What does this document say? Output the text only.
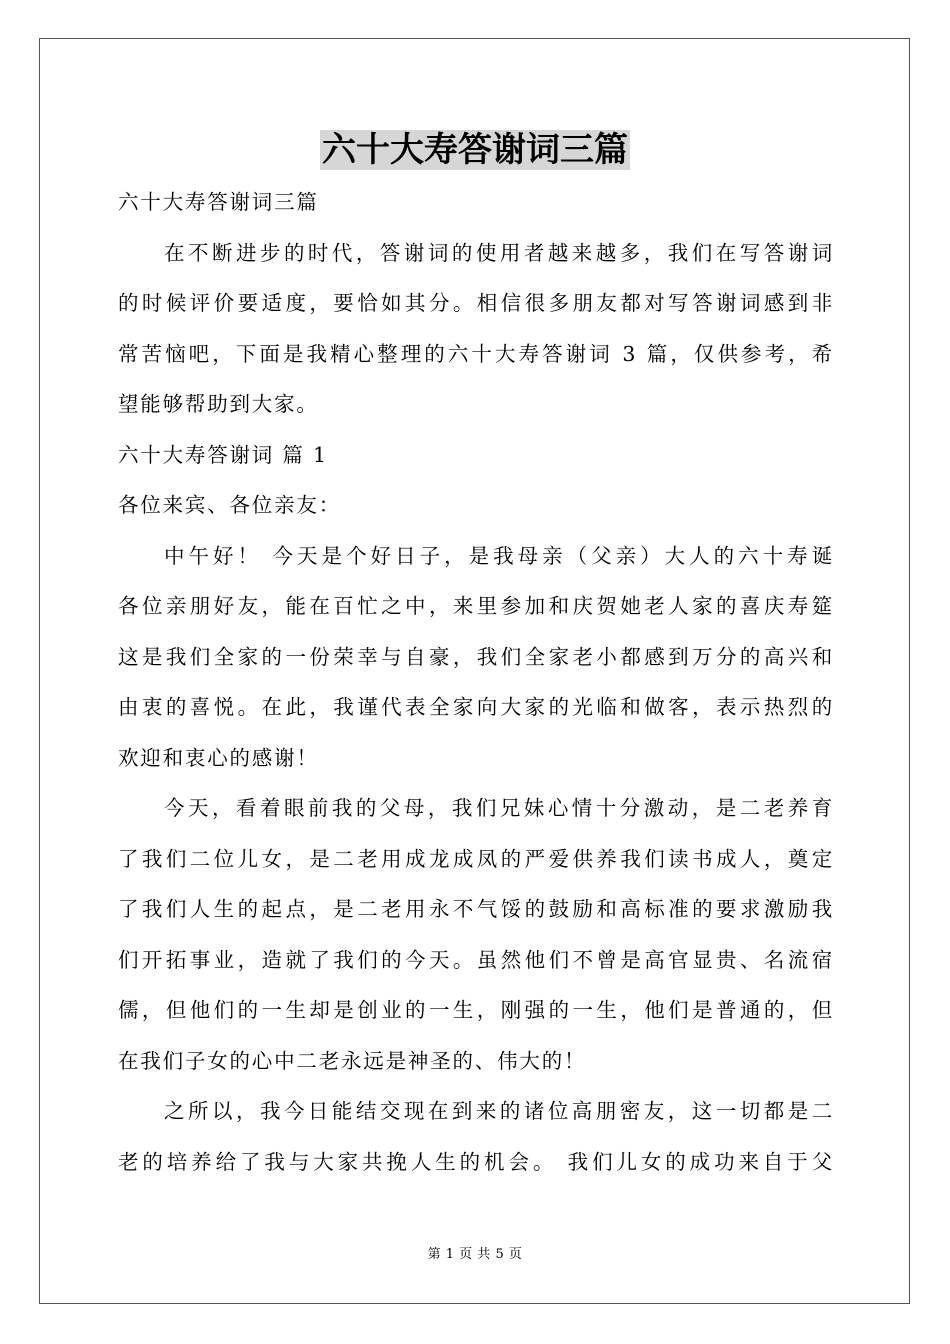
六十大寿答谢词三篇
六十大寿答谢词三篇
在不断进步的时代，答谢词的使用者越来越多，我们在写答谢词
的时候评价要适度，要恰如其分。相信很多朋友都对写答谢词感到非
常苦恼吧，下面是我精心整理的六十大寿答谢词 3 篇，仅供参考，希
望能够帮助到大家。
六十大寿答谢词 篇 1
各位来宾、各位亲友：
中午好！ 今天是个好日子，是我母亲（父亲）大人的六十寿诞
各位亲朋好友，能在百忙之中，来里参加和庆贺她老人家的喜庆寿筵
这是我们全家的一份荣幸与自豪，我们全家老小都感到万分的高兴和
由衷的喜悦。在此，我谨代表全家向大家的光临和做客，表示热烈的
欢迎和衷心的感谢！
今天，看着眼前我的父母，我们兄妹心情十分激动，是二老养育
了我们二位儿女，是二老用成龙成凤的严爱供养我们读书成人，奠定
了我们人生的起点，是二老用永不气馁的鼓励和高标准的要求激励我
们开拓事业，造就了我们的今天。虽然他们不曾是高官显贵、名流宿
儒，但他们的一生却是创业的一生，刚强的一生，他们是普通的，但
在我们子女的心中二老永远是神圣的、伟大的！
之所以，我今日能结交现在到来的诸位高朋密友，这一切都是二
老的培养给了我与大家共挽人生的机会。 我们儿女的成功来自于父
第 1 页 共 5 页
